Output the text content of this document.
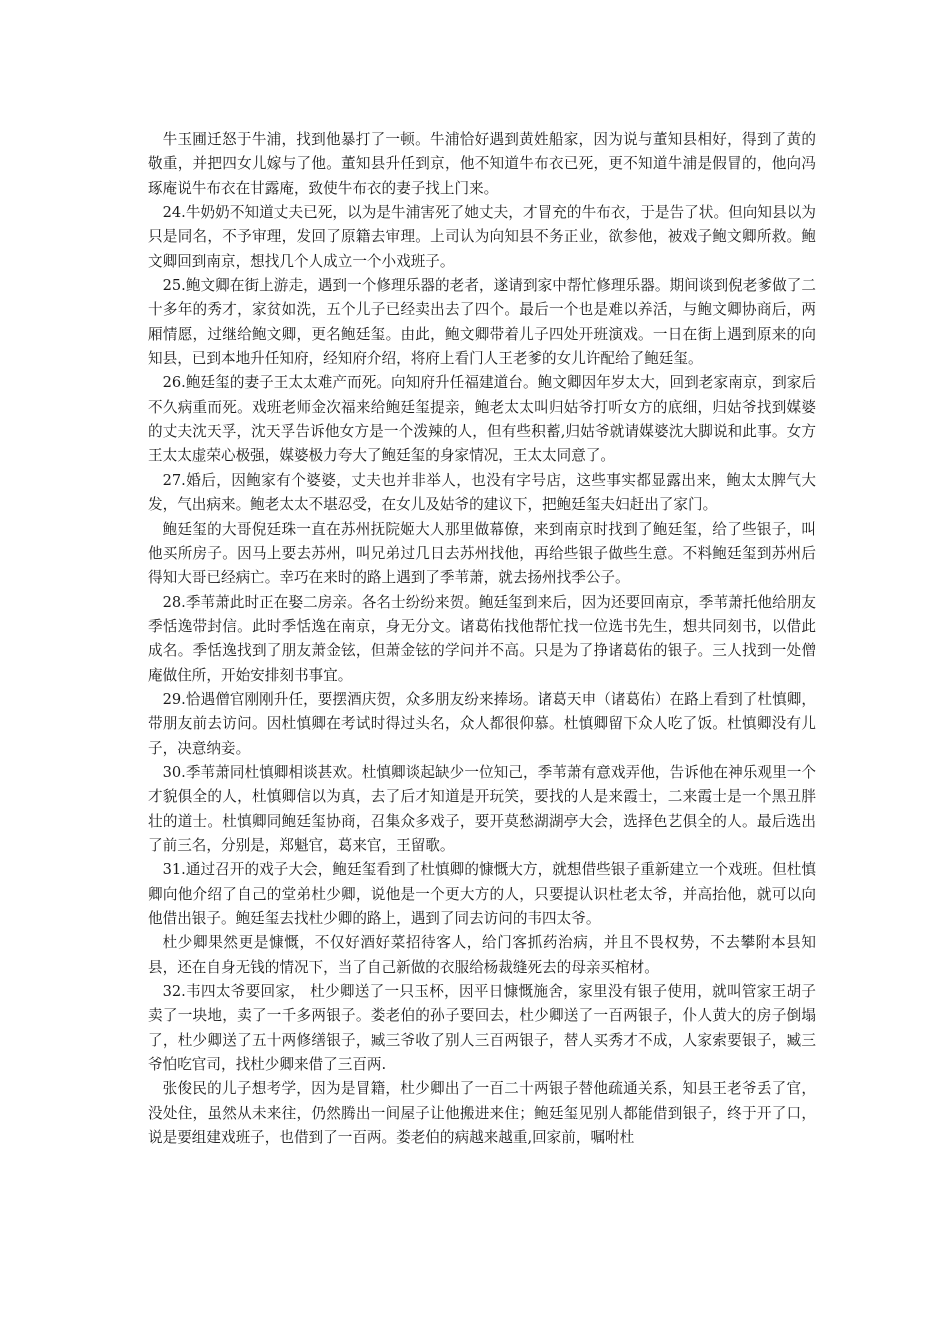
牛玉圃迁怒于牛浦，找到他暴打了一顿。牛浦恰好遇到黄姓船家，因为说与董知县相好，得到了黄的敬重，并把四女儿嫁与了他。董知县升任到京，他不知道牛布衣已死，更不知道牛浦是假冒的，他向冯琢庵说牛布衣在甘露庵，致使牛布衣的妻子找上门来。

24.牛奶奶不知道丈夫已死，以为是牛浦害死了她丈夫，才冒充的牛布衣，于是告了状。但向知县以为只是同名，不予审理，发回了原籍去审理。上司认为向知县不务正业，欲参他，被戏子鲍文卿所救。鲍文卿回到南京，想找几个人成立一个小戏班子。

25.鲍文卿在街上游走，遇到一个修理乐器的老者，遂请到家中帮忙修理乐器。期间谈到倪老爹做了二十多年的秀才，家贫如洗，五个儿子已经卖出去了四个。最后一个也是难以养活，与鲍文卿协商后，两厢情愿，过继给鲍文卿，更名鲍廷玺。由此，鲍文卿带着儿子四处开班演戏。一日在街上遇到原来的向知县，已到本地升任知府，经知府介绍，将府上看门人王老爹的女儿许配给了鲍廷玺。

26.鲍廷玺的妻子王太太难产而死。向知府升任福建道台。鲍文卿因年岁太大，回到老家南京，到家后不久病重而死。戏班老师金次福来给鲍廷玺提亲，鲍老太太叫归姑爷打听女方的底细，归姑爷找到媒婆的丈夫沈天孚，沈天孚告诉他女方是一个泼辣的人，但有些积蓄,归姑爷就请媒婆沈大脚说和此事。女方王太太虚荣心极强，媒婆极力夸大了鲍廷玺的身家情况，王太太同意了。

27.婚后，因鲍家有个婆婆，丈夫也并非举人，也没有字号店，这些事实都显露出来，鲍太太脾气大发，气出病来。鲍老太太不堪忍受，在女儿及姑爷的建议下，把鲍廷玺夫妇赶出了家门。

鲍廷玺的大哥倪廷珠一直在苏州抚院姬大人那里做幕僚，来到南京时找到了鲍廷玺，给了些银子，叫他买所房子。因马上要去苏州，叫兄弟过几日去苏州找他，再给些银子做些生意。不料鲍廷玺到苏州后得知大哥已经病亡。幸巧在来时的路上遇到了季苇萧，就去扬州找季公子。

28.季苇萧此时正在娶二房亲。各名士纷纷来贺。鲍廷玺到来后，因为还要回南京，季苇萧托他给朋友季恬逸带封信。此时季恬逸在南京，身无分文。诸葛佑找他帮忙找一位选书先生，想共同刻书，以借此成名。季恬逸找到了朋友萧金铉，但萧金铉的学问并不高。只是为了挣诸葛佑的银子。三人找到一处僧庵做住所，开始安排刻书事宜。

29.恰遇僧官刚刚升任，要摆酒庆贺，众多朋友纷来捧场。诸葛天申（诸葛佑）在路上看到了杜慎卿，带朋友前去访问。因杜慎卿在考试时得过头名，众人都很仰慕。杜慎卿留下众人吃了饭。杜慎卿没有儿子，决意纳妾。

30.季苇萧同杜慎卿相谈甚欢。杜慎卿谈起缺少一位知己，季苇萧有意戏弄他，告诉他在神乐观里一个才貌俱全的人，杜慎卿信以为真，去了后才知道是开玩笑，要找的人是来霞士，二来霞士是一个黑丑胖壮的道士。杜慎卿同鲍廷玺协商，召集众多戏子，要开莫愁湖湖亭大会，选择色艺俱全的人。最后选出了前三名，分别是，郑魁官，葛来官，王留歌。

31.通过召开的戏子大会，鲍廷玺看到了杜慎卿的慷慨大方，就想借些银子重新建立一个戏班。但杜慎卿向他介绍了自己的堂弟杜少卿，说他是一个更大方的人，只要提认识杜老太爷，并高抬他，就可以向他借出银子。鲍廷玺去找杜少卿的路上，遇到了同去访问的韦四太爷。

杜少卿果然更是慷慨，不仅好酒好菜招待客人，给门客抓药治病，并且不畏权势，不去攀附本县知县，还在自身无钱的情况下，当了自己新做的衣服给杨裁缝死去的母亲买棺材。

32.韦四太爷要回家， 杜少卿送了一只玉杯，因平日慷慨施舍，家里没有银子使用，就叫管家王胡子卖了一块地，卖了一千多两银子。娄老伯的孙子要回去，杜少卿送了一百两银子，仆人黄大的房子倒塌了，杜少卿送了五十两修缮银子，臧三爷收了别人三百两银子，替人买秀才不成，人家索要银子，臧三爷怕吃官司，找杜少卿来借了三百两.

张俊民的儿子想考学，因为是冒籍，杜少卿出了一百二十两银子替他疏通关系，知县王老爷丢了官，没处住，虽然从未来往，仍然腾出一间屋子让他搬进来住；鲍廷玺见别人都能借到银子，终于开了口，说是要组建戏班子，也借到了一百两。娄老伯的病越来越重,回家前，嘱咐杜
